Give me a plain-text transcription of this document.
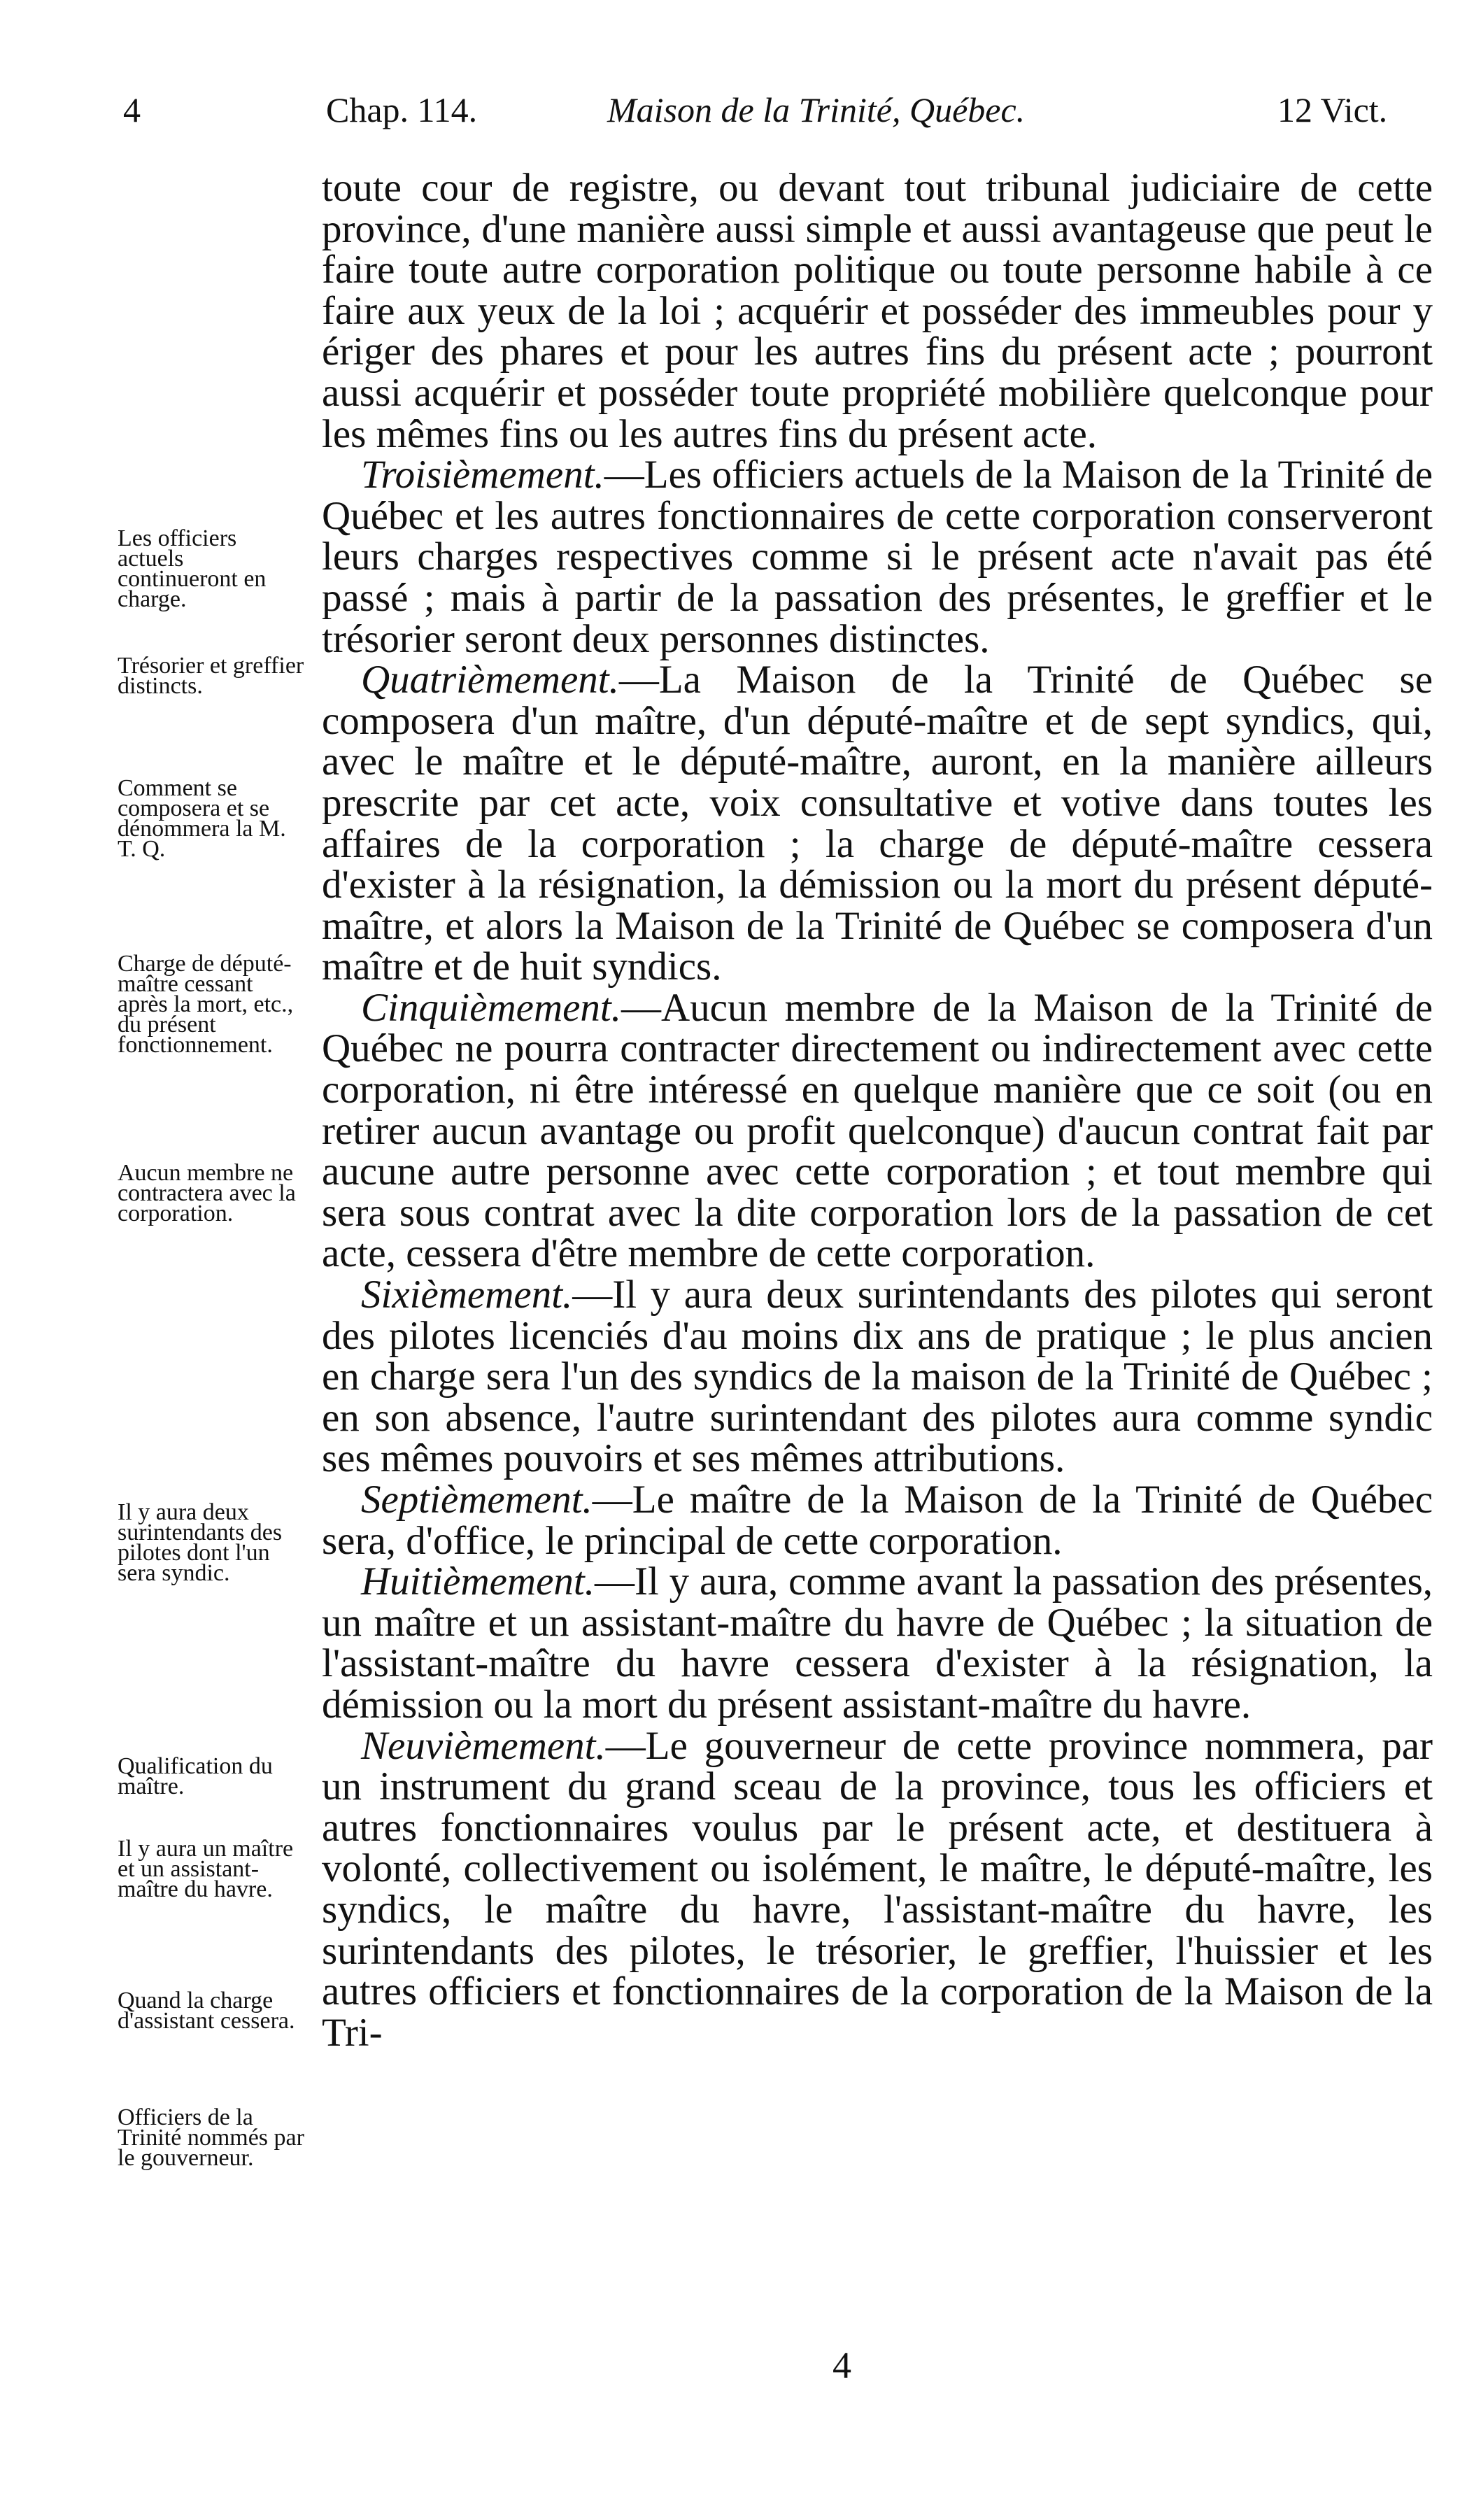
4	Chap. 114.	Maison de la Trinité, Québec.	12 Vict.
Les officiers actuels continueront en charge.
Trésorier et greffier distincts.
Comment se composera et se dénommera la M. T. Q.
Charge de député-maître cessant après la mort, etc., du présent fonctionnement.
Aucun membre ne contractera avec la corporation.
Il y aura deux surintendants des pilotes dont l'un sera syndic.
Qualification du maître.
Il y aura un maître et un assistant-maître du havre.
Quand la charge d'assistant cessera.
Officiers de la Trinité nommés par le gouverneur.

toute cour de registre, ou devant tout tribunal judiciaire de cette province, d'une manière aussi simple et aussi avantageuse que peut le faire toute autre corporation politique ou toute personne habile à ce faire aux yeux de la loi ; acquérir et posséder des immeubles pour y ériger des phares et pour les autres fins du présent acte ; pourront aussi acquérir et posséder toute propriété mobilière quelconque pour les mêmes fins ou les autres fins du présent acte.

Troisièmement.—Les officiers actuels de la Maison de la Trinité de Québec et les autres fonctionnaires de cette corporation conserveront leurs charges respectives comme si le présent acte n'avait pas été passé ; mais à partir de la passation des présentes, le greffier et le trésorier seront deux personnes distinctes.

Quatrièmement.—La Maison de la Trinité de Québec se composera d'un maître, d'un député-maître et de sept syndics, qui, avec le maître et le député-maître, auront, en la manière ailleurs prescrite par cet acte, voix consultative et votive dans toutes les affaires de la corporation ; la charge de député-maître cessera d'exister à la résignation, la démission ou la mort du présent député-maître, et alors la Maison de la Trinité de Québec se composera d'un maître et de huit syndics.

Cinquièmement.—Aucun membre de la Maison de la Trinité de Québec ne pourra contracter directement ou indirectement avec cette corporation, ni être intéressé en quelque manière que ce soit (ou en retirer aucun avantage ou profit quelconque) d'aucun contrat fait par aucune autre personne avec cette corporation ; et tout membre qui sera sous contrat avec la dite corporation lors de la passation de cet acte, cessera d'être membre de cette corporation.

Sixièmement.—Il y aura deux surintendants des pilotes qui seront des pilotes licenciés d'au moins dix ans de pratique ; le plus ancien en charge sera l'un des syndics de la maison de la Trinité de Québec ; en son absence, l'autre surintendant des pilotes aura comme syndic ses mêmes pouvoirs et ses mêmes attributions.

Septièmement.—Le maître de la Maison de la Trinité de Québec sera, d'office, le principal de cette corporation.

Huitièmement.—Il y aura, comme avant la passation des présentes, un maître et un assistant-maître du havre de Québec ; la situation de l'assistant-maître du havre cessera d'exister à la résignation, la démission ou la mort du présent assistant-maître du havre.

Neuvièmement.—Le gouverneur de cette province nommera, par un instrument du grand sceau de la province, tous les officiers et autres fonctionnaires voulus par le présent acte, et destituera à volonté, collectivement ou isolément, le maître, le député-maître, les syndics, le maître du havre, l'assistant-maître du havre, les surintendants des pilotes, le trésorier, le greffier, l'huissier et les autres officiers et fonctionnaires de la corporation de la Maison de la Tri-

4
